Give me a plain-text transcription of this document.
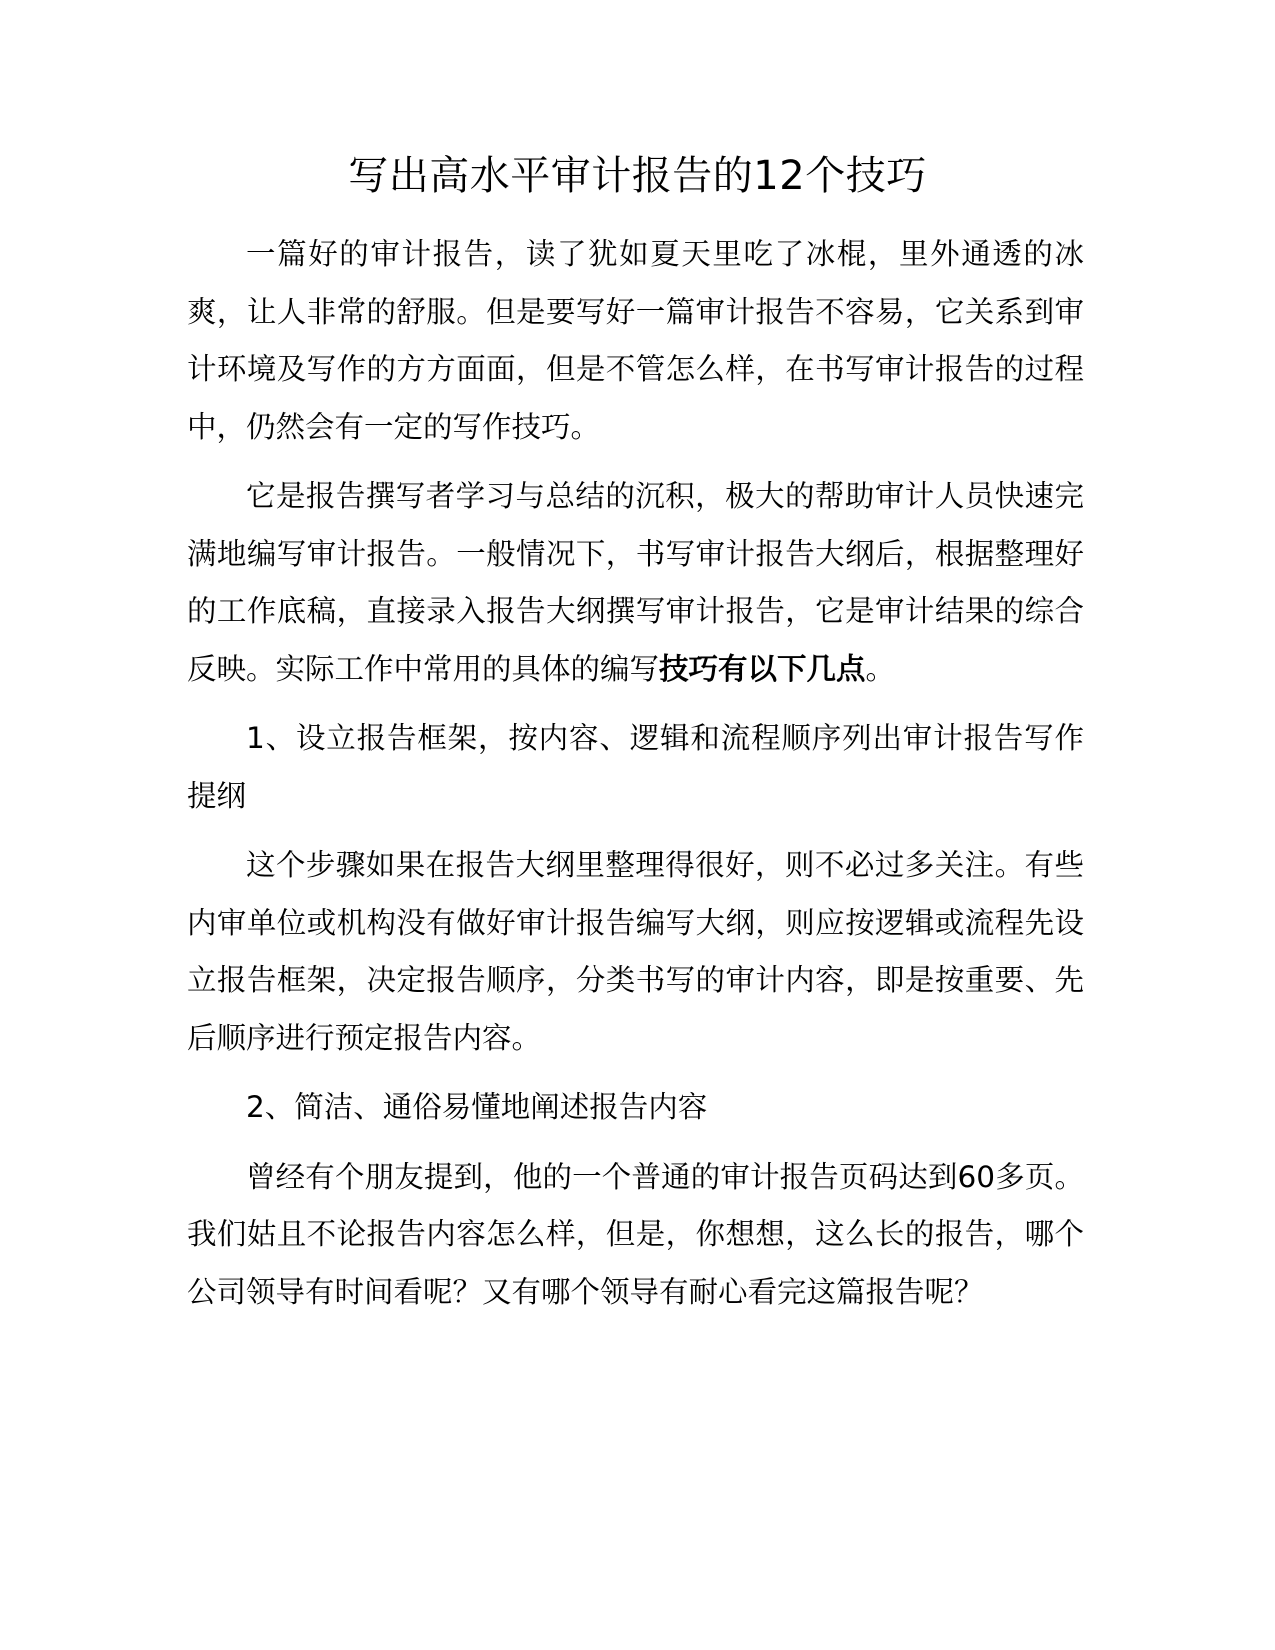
写出高水平审计报告的12个技巧

一篇好的审计报告，读了犹如夏天里吃了冰棍，里外通透的冰爽，让人非常的舒服。但是要写好一篇审计报告不容易，它关系到审计环境及写作的方方面面，但是不管怎么样，在书写审计报告的过程中，仍然会有一定的写作技巧。

它是报告撰写者学习与总结的沉积，极大的帮助审计人员快速完满地编写审计报告。一般情况下，书写审计报告大纲后，根据整理好的工作底稿，直接录入报告大纲撰写审计报告，它是审计结果的综合反映。实际工作中常用的具体的编写技巧有以下几点。

1、设立报告框架，按内容、逻辑和流程顺序列出审计报告写作提纲

这个步骤如果在报告大纲里整理得很好，则不必过多关注。有些内审单位或机构没有做好审计报告编写大纲，则应按逻辑或流程先设立报告框架，决定报告顺序，分类书写的审计内容，即是按重要、先后顺序进行预定报告内容。

2、简洁、通俗易懂地阐述报告内容

曾经有个朋友提到，他的一个普通的审计报告页码达到60多页。我们姑且不论报告内容怎么样，但是，你想想，这么长的报告，哪个公司领导有时间看呢？又有哪个领导有耐心看完这篇报告呢？
